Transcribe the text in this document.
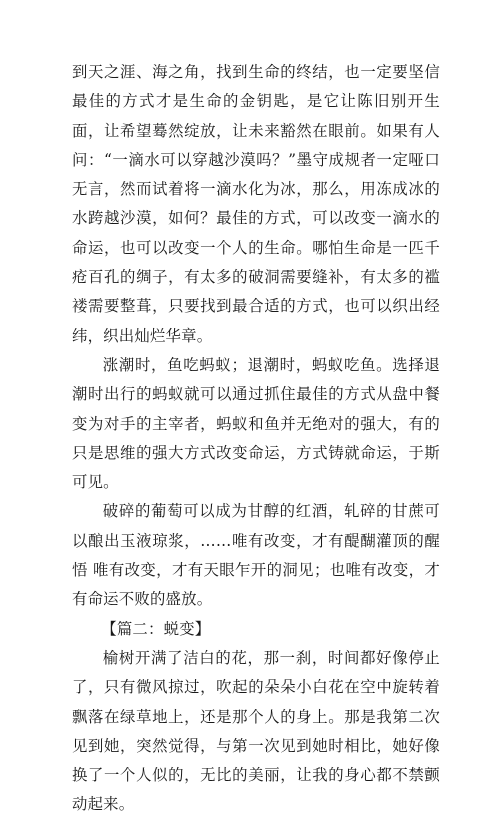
到天之涯、海之角，找到生命的终结，也一定要坚信最佳的方式才是生命的金钥匙，是它让陈旧别开生面，让希望蓦然绽放，让未来豁然在眼前。如果有人问：“一滴水可以穿越沙漠吗？”墨守成规者一定哑口无言，然而试着将一滴水化为冰，那么，用冻成冰的水跨越沙漠，如何？最佳的方式，可以改变一滴水的命运，也可以改变一个人的生命。哪怕生命是一匹千疮百孔的绸子，有太多的破洞需要缝补，有太多的褴褛需要整葺，只要找到最合适的方式，也可以织出经纬，织出灿烂华章。

涨潮时，鱼吃蚂蚁；退潮时，蚂蚁吃鱼。选择退潮时出行的蚂蚁就可以通过抓住最佳的方式从盘中餐变为对手的主宰者，蚂蚁和鱼并无绝对的强大，有的只是思维的强大方式改变命运，方式铸就命运，于斯可见。

破碎的葡萄可以成为甘醇的红酒，轧碎的甘蔗可以酿出玉液琼浆，……唯有改变，才有醍醐灌顶的醒悟 唯有改变，才有天眼乍开的洞见；也唯有改变，才有命运不败的盛放。

【篇二：蜕变】

榆树开满了洁白的花，那一刹，时间都好像停止了，只有微风掠过，吹起的朵朵小白花在空中旋转着飘落在绿草地上，还是那个人的身上。那是我第二次见到她，突然觉得，与第一次见到她时相比，她好像换了一个人似的，无比的美丽，让我的身心都不禁颤动起来。
